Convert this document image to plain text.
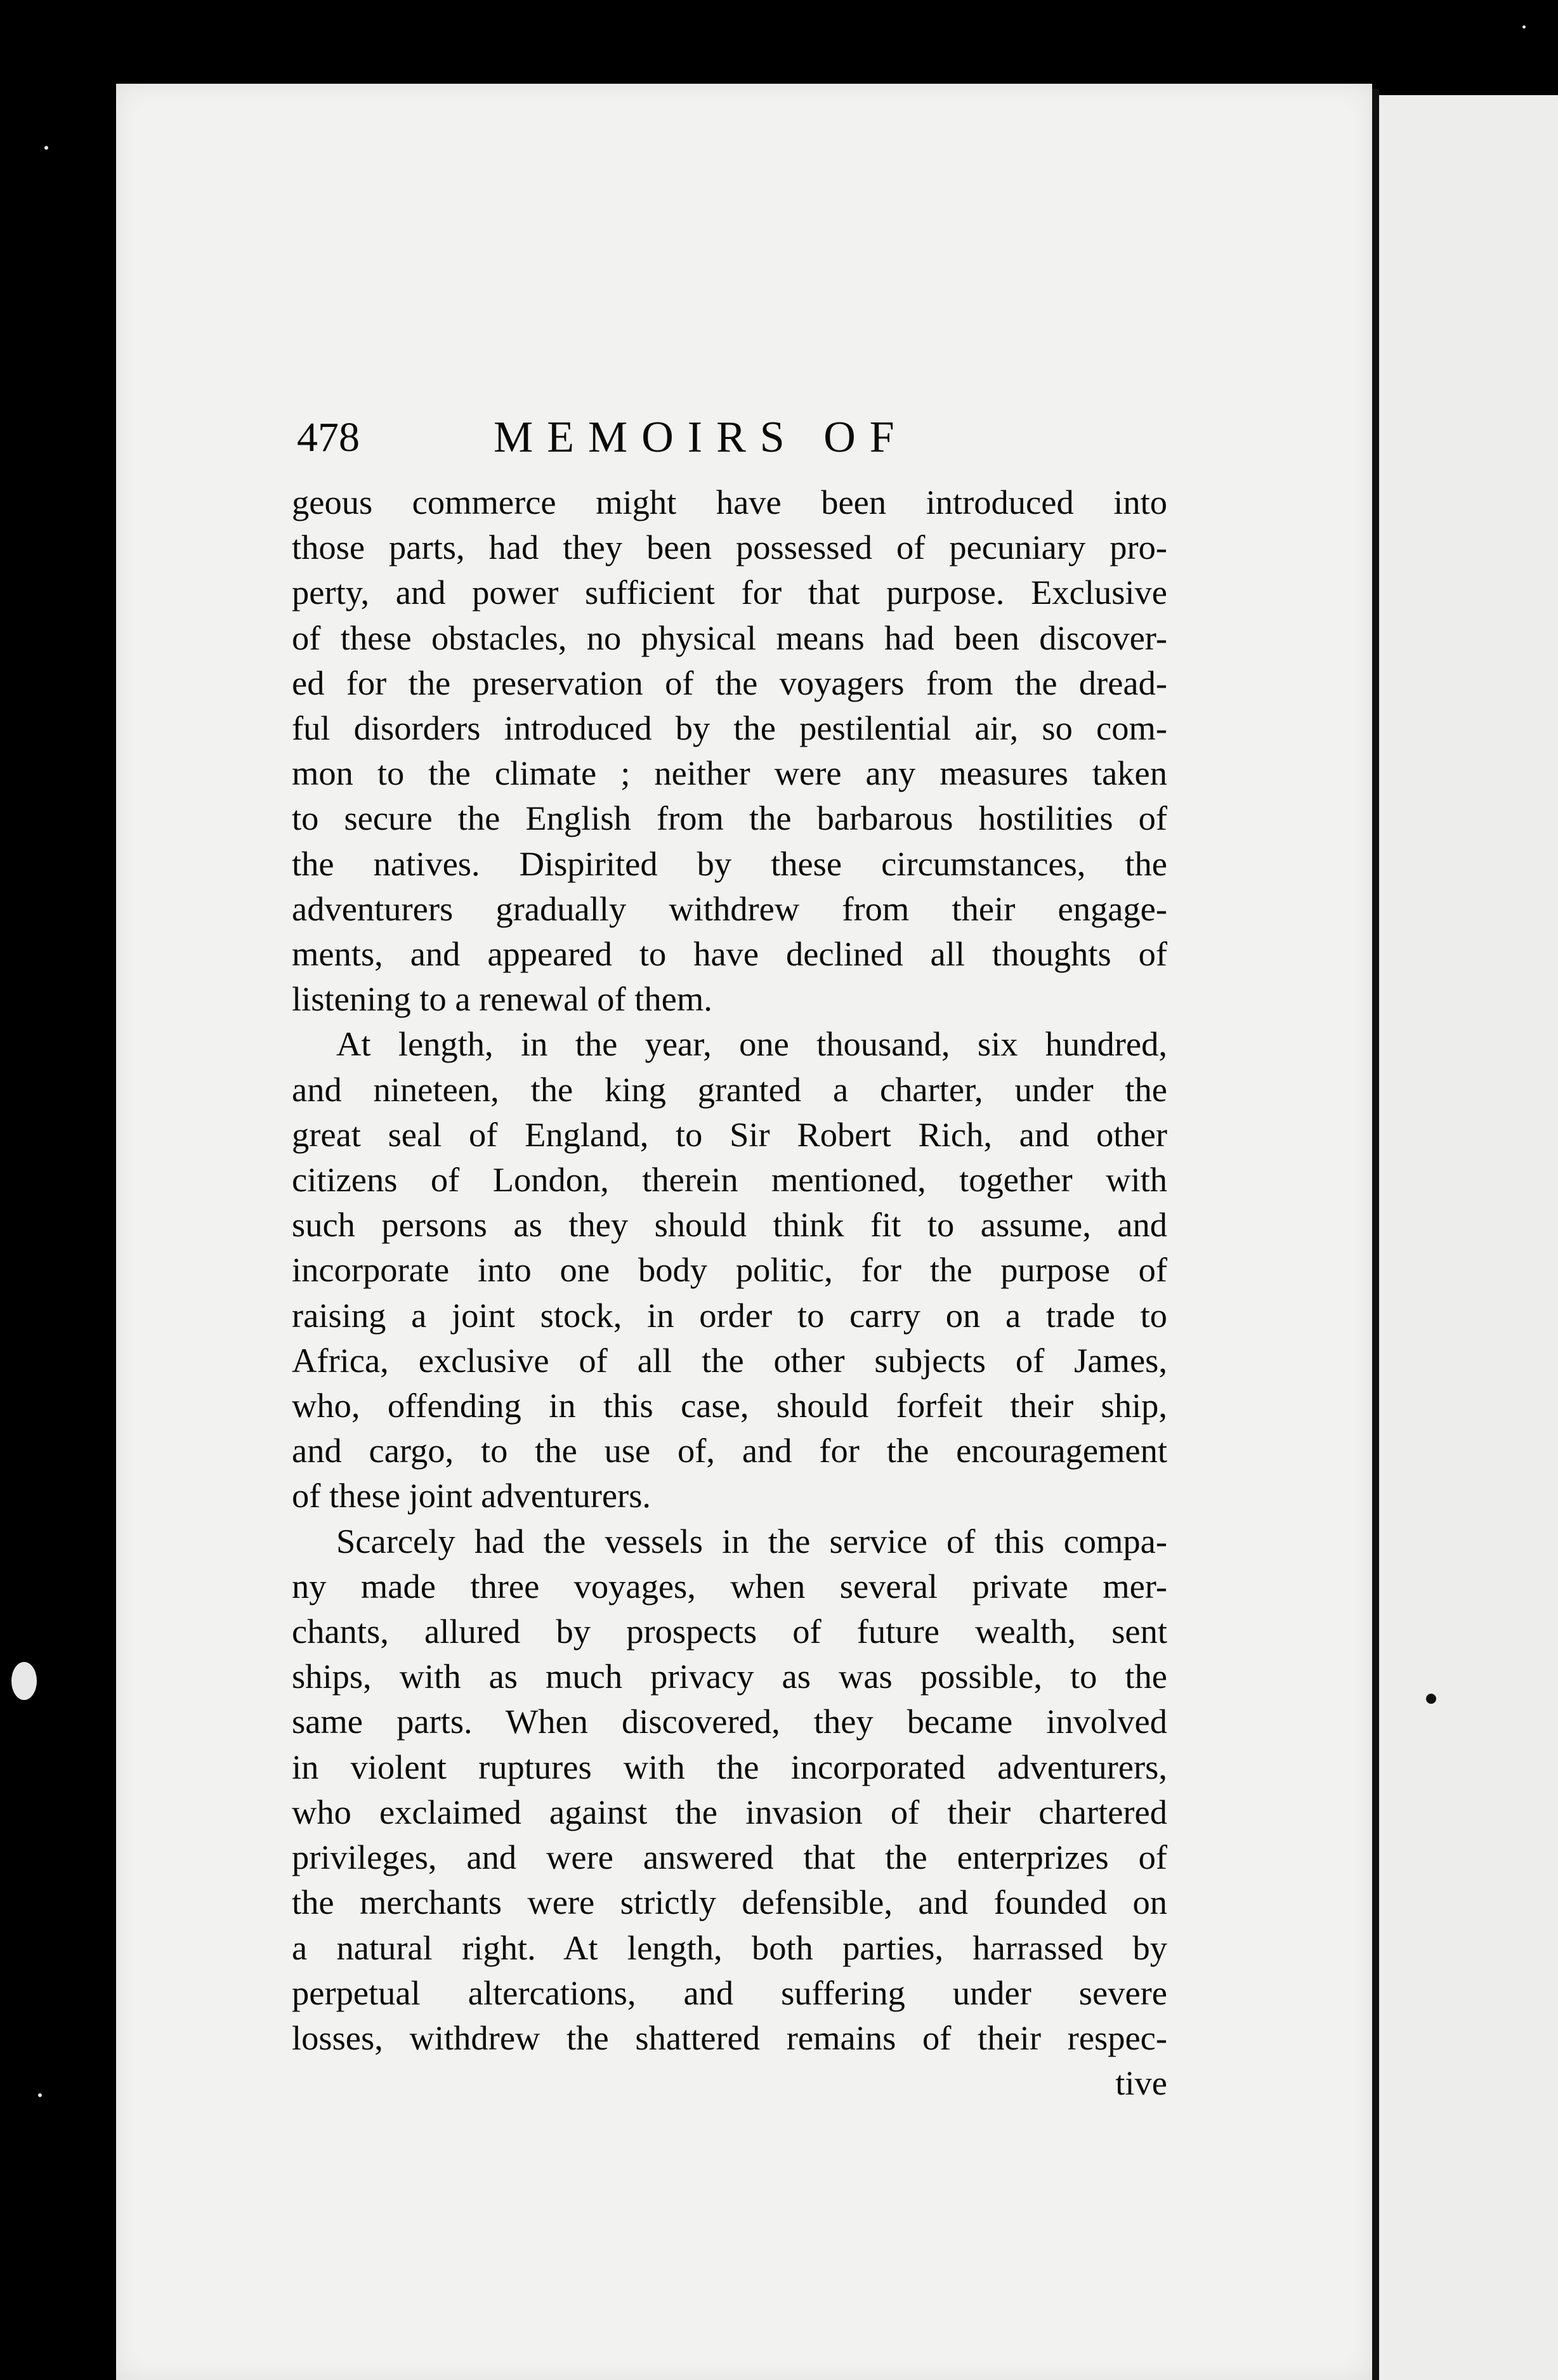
478	MEMOIRS OF
geous commerce might have been introduced into
those parts, had they been possessed of pecuniary pro-
perty, and power sufficient for that purpose. Exclusive
of these obstacles, no physical means had been discover-
ed for the preservation of the voyagers from the dread-
ful disorders introduced by the pestilential air, so com-
mon to the climate ; neither were any measures taken
to secure the English from the barbarous hostilities of
the natives. Dispirited by these circumstances, the
adventurers gradually withdrew from their engage-
ments, and appeared to have declined all thoughts of
listening to a renewal of them.
At length, in the year, one thousand, six hundred,
and nineteen, the king granted a charter, under the
great seal of England, to Sir Robert Rich, and other
citizens of London, therein mentioned, together with
such persons as they should think fit to assume, and
incorporate into one body politic, for the purpose of
raising a joint stock, in order to carry on a trade to
Africa, exclusive of all the other subjects of James,
who, offending in this case, should forfeit their ship,
and cargo, to the use of, and for the encouragement
of these joint adventurers.
Scarcely had the vessels in the service of this compa-
ny made three voyages, when several private mer-
chants, allured by prospects of future wealth, sent
ships, with as much privacy as was possible, to the
same parts. When discovered, they became involved
in violent ruptures with the incorporated adventurers,
who exclaimed against the invasion of their chartered
privileges, and were answered that the enterprizes of
the merchants were strictly defensible, and founded on
a natural right. At length, both parties, harrassed by
perpetual altercations, and suffering under severe
losses, withdrew the shattered remains of their respec-
tive
